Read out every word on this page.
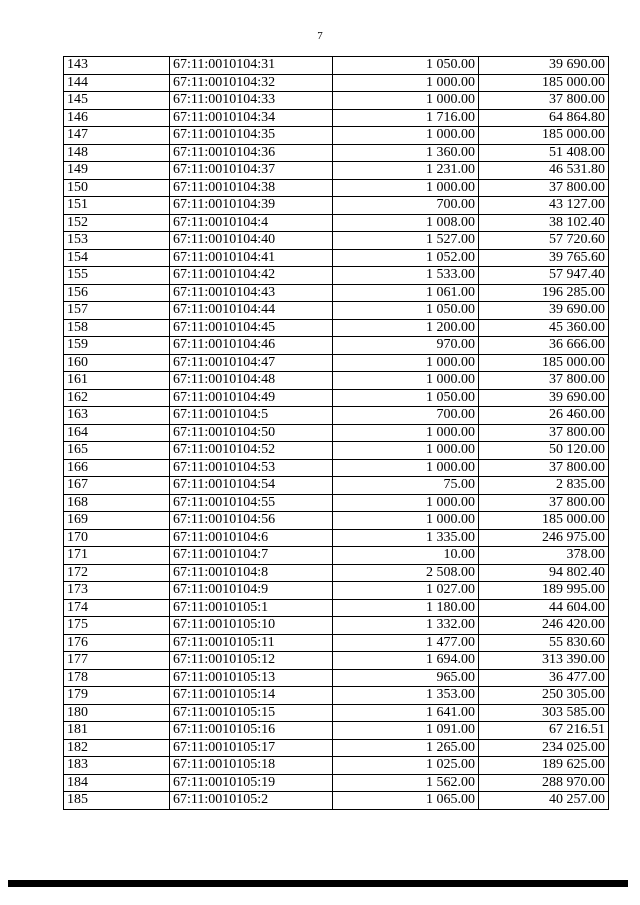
7
143	67:11:0010104:31	1 050.00	39 690.00
144	67:11:0010104:32	1 000.00	185 000.00
145	67:11:0010104:33	1 000.00	37 800.00
146	67:11:0010104:34	1 716.00	64 864.80
147	67:11:0010104:35	1 000.00	185 000.00
148	67:11:0010104:36	1 360.00	51 408.00
149	67:11:0010104:37	1 231.00	46 531.80
150	67:11:0010104:38	1 000.00	37 800.00
151	67:11:0010104:39	700.00	43 127.00
152	67:11:0010104:4	1 008.00	38 102.40
153	67:11:0010104:40	1 527.00	57 720.60
154	67:11:0010104:41	1 052.00	39 765.60
155	67:11:0010104:42	1 533.00	57 947.40
156	67:11:0010104:43	1 061.00	196 285.00
157	67:11:0010104:44	1 050.00	39 690.00
158	67:11:0010104:45	1 200.00	45 360.00
159	67:11:0010104:46	970.00	36 666.00
160	67:11:0010104:47	1 000.00	185 000.00
161	67:11:0010104:48	1 000.00	37 800.00
162	67:11:0010104:49	1 050.00	39 690.00
163	67:11:0010104:5	700.00	26 460.00
164	67:11:0010104:50	1 000.00	37 800.00
165	67:11:0010104:52	1 000.00	50 120.00
166	67:11:0010104:53	1 000.00	37 800.00
167	67:11:0010104:54	75.00	2 835.00
168	67:11:0010104:55	1 000.00	37 800.00
169	67:11:0010104:56	1 000.00	185 000.00
170	67:11:0010104:6	1 335.00	246 975.00
171	67:11:0010104:7	10.00	378.00
172	67:11:0010104:8	2 508.00	94 802.40
173	67:11:0010104:9	1 027.00	189 995.00
174	67:11:0010105:1	1 180.00	44 604.00
175	67:11:0010105:10	1 332.00	246 420.00
176	67:11:0010105:11	1 477.00	55 830.60
177	67:11:0010105:12	1 694.00	313 390.00
178	67:11:0010105:13	965.00	36 477.00
179	67:11:0010105:14	1 353.00	250 305.00
180	67:11:0010105:15	1 641.00	303 585.00
181	67:11:0010105:16	1 091.00	67 216.51
182	67:11:0010105:17	1 265.00	234 025.00
183	67:11:0010105:18	1 025.00	189 625.00
184	67:11:0010105:19	1 562.00	288 970.00
185	67:11:0010105:2	1 065.00	40 257.00
